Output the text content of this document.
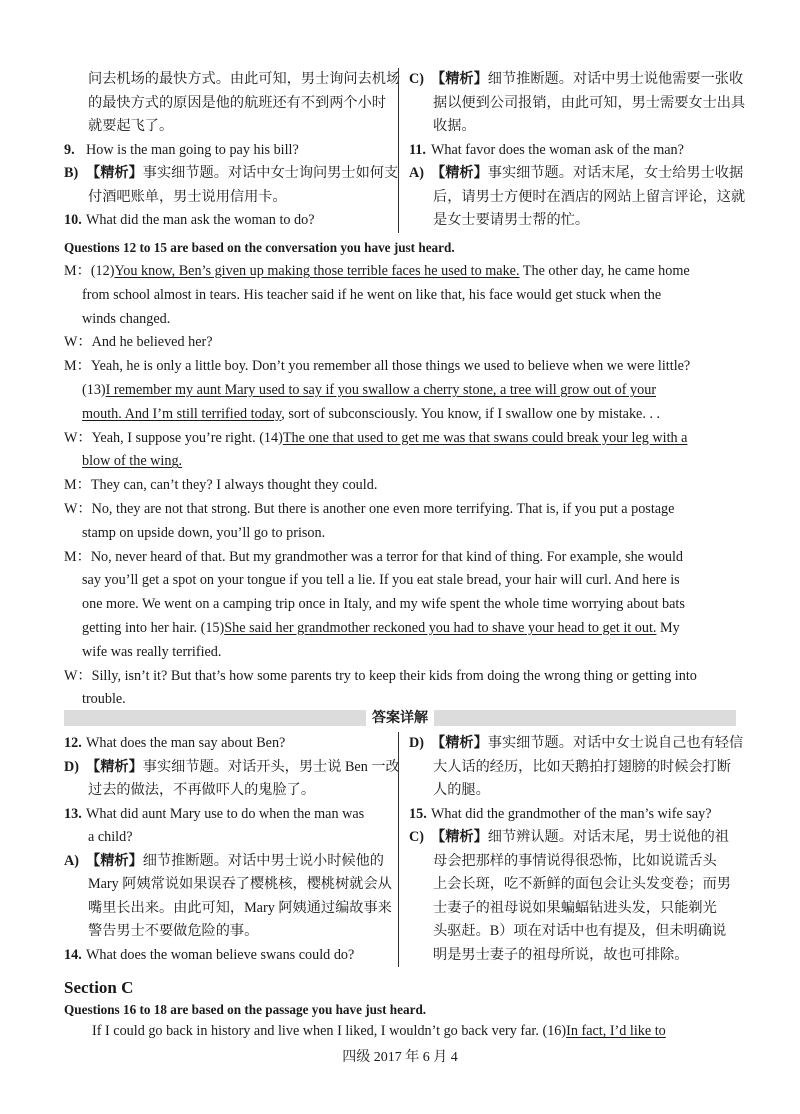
问去机场的最快方式。由此可知，男士询问去机场
的最快方式的原因是他的航班还有不到两个小时
就要起飞了。
9. How is the man going to pay his bill?
B) 【精析】事实细节题。对话中女士询问男士如何支
付酒吧账单，男士说用信用卡。
10. What did the man ask the woman to do?
C) 【精析】细节推断题。对话中男士说他需要一张收
据以便到公司报销，由此可知，男士需要女士出具
收据。
11. What favor does the woman ask of the man?
A) 【精析】事实细节题。对话末尾，女士给男士收据
后，请男士方便时在酒店的网站上留言评论，这就
是女士要请男士帮的忙。
Questions 12 to 15 are based on the conversation you have just heard.
M：(12)You know, Ben’s given up making those terrible faces he used to make. The other day, he came home
from school almost in tears. His teacher said if he went on like that, his face would get stuck when the
winds changed.
W：And he believed her?
M：Yeah, he is only a little boy. Don’t you remember all those things we used to believe when we were little?
(13)I remember my aunt Mary used to say if you swallow a cherry stone, a tree will grow out of your
mouth. And I’m still terrified today, sort of subconsciously. You know, if I swallow one by mistake. . .
W：Yeah, I suppose you’re right. (14)The one that used to get me was that swans could break your leg with a
blow of the wing.
M：They can, can’t they? I always thought they could.
W：No, they are not that strong. But there is another one even more terrifying. That is, if you put a postage
stamp on upside down, you’ll go to prison.
M：No, never heard of that. But my grandmother was a terror for that kind of thing. For example, she would
say you’ll get a spot on your tongue if you tell a lie. If you eat stale bread, your hair will curl. And here is
one more. We went on a camping trip once in Italy, and my wife spent the whole time worrying about bats
getting into her hair. (15)She said her grandmother reckoned you had to shave your head to get it out. My
wife was really terrified.
W：Silly, isn’t it? But that’s how some parents try to keep their kids from doing the wrong thing or getting into
trouble.
答案详解
12. What does the man say about Ben?
D) 【精析】事实细节题。对话开头，男士说 Ben 一改
过去的做法，不再做吓人的鬼脸了。
13. What did aunt Mary use to do when the man was
a child?
A) 【精析】细节推断题。对话中男士说小时候他的
Mary 阿姨常说如果误吞了樱桃核，樱桃树就会从
嘴里长出来。由此可知，Mary 阿姨通过编故事来
警告男士不要做危险的事。
14. What does the woman believe swans could do?
D) 【精析】事实细节题。对话中女士说自己也有轻信
大人话的经历，比如天鹅拍打翅膀的时候会打断
人的腿。
15. What did the grandmother of the man’s wife say?
C) 【精析】细节辨认题。对话末尾，男士说他的祖
母会把那样的事情说得很恐怖，比如说谎舌头
上会长斑，吃不新鲜的面包会让头发变卷；而男
士妻子的祖母说如果蝙蝠钻进头发，只能剃光
头驱赶。B）项在对话中也有提及，但未明确说
明是男士妻子的祖母所说，故也可排除。
Section C
Questions 16 to 18 are based on the passage you have just heard.
If I could go back in history and live when I liked, I wouldn’t go back very far. (16)In fact, I’d like to
四级 2017 年 6 月 4
